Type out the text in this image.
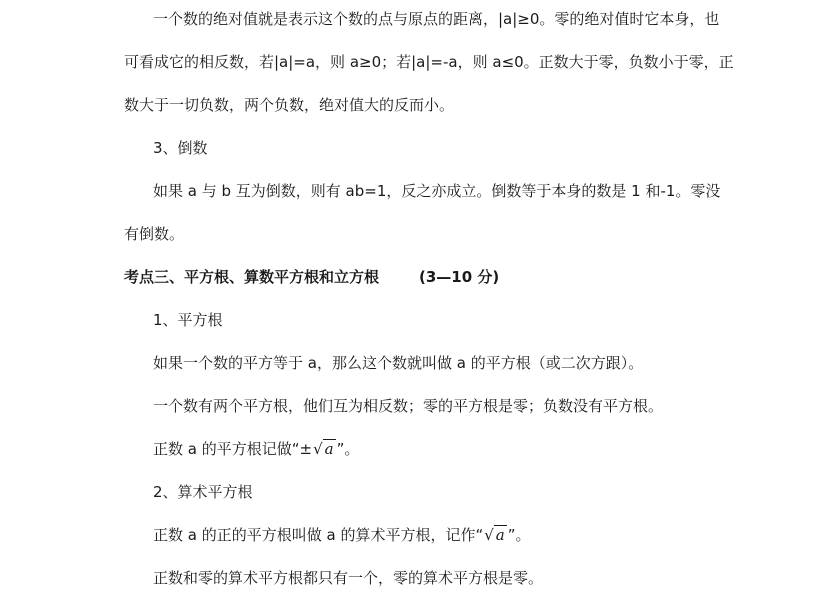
一个数的绝对值就是表示这个数的点与原点的距离，|a|≥0。零的绝对值时它本身，也
可看成它的相反数，若|a|=a，则 a≥0；若|a|=-a，则 a≤0。正数大于零，负数小于零，正
数大于一切负数，两个负数，绝对值大的反而小。
3、倒数
如果 a 与 b 互为倒数，则有 ab=1，反之亦成立。倒数等于本身的数是 1 和-1。零没
有倒数。
考点三、平方根、算数平方根和立方根	(3—10 分)
1、平方根
如果一个数的平方等于 a，那么这个数就叫做 a 的平方根（或二次方跟）。
一个数有两个平方根，他们互为相反数；零的平方根是零；负数没有平方根。
正数 a 的平方根记做“±√ a ”。
2、算术平方根
正数 a 的正的平方根叫做 a 的算术平方根，记作“√ a ”。
正数和零的算术平方根都只有一个，零的算术平方根是零。
